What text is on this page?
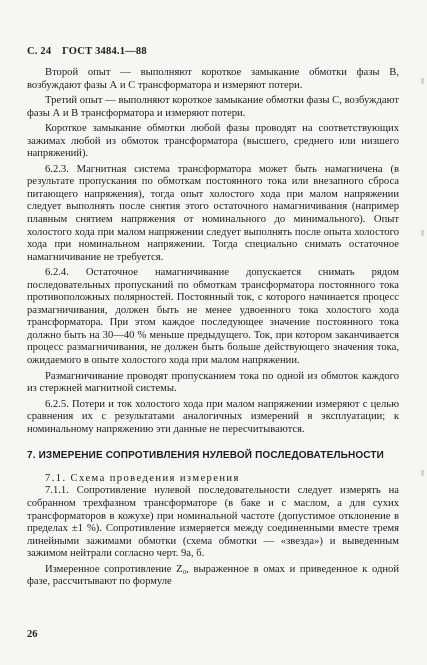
С. 24 ГОСТ 3484.1—88

Второй опыт — выполняют короткое замыкание обмотки фазы В, возбуждают фазы А и С трансформатора и измеряют потери.

Третий опыт — выполняют короткое замыкание обмотки фазы С, возбуждают фазы А и В трансформатора и измеряют потери.

Короткое замыкание обмотки любой фазы проводят на соответствующих зажимах любой из обмоток трансформатора (высшего, среднего или низшего напряжений).

6.2.3. Магнитная система трансформатора может быть намагничена (в результате пропускания по обмоткам постоянного тока или внезапного сброса питающего напряжения), тогда опыт холостого хода при малом напряжении следует выполнять после снятия этого остаточного намагничивания (например плавным снятием напряжения от номинального до минимального). Опыт холостого хода при малом напряжении следует выполнять после опыта холостого хода при номинальном напряжении. Тогда специально снимать остаточное намагничивание не требуется.

6.2.4. Остаточное намагничивание допускается снимать рядом последовательных пропусканий по обмоткам трансформатора постоянного тока противоположных полярностей. Постоянный ток, с которого начинается процесс размагничивания, должен быть не менее удвоенного тока холостого хода трансформатора. При этом каждое последующее значение постоянного тока должно быть на 30—40 % меньше предыдущего. Ток, при котором заканчивается процесс размагничивания, не должен быть больше действующего значения тока, ожидаемого в опыте холостого хода при малом напряжении.

Размагничивание проводят пропусканием тока по одной из обмоток каждого из стержней магнитной системы.

6.2.5. Потери и ток холостого хода при малом напряжении измеряют с целью сравнения их с результатами аналогичных измерений в эксплуатации; к номинальному напряжению эти данные не пересчитываются.

7. ИЗМЕРЕНИЕ СОПРОТИВЛЕНИЯ НУЛЕВОЙ ПОСЛЕДОВАТЕЛЬНОСТИ

7.1. Схема проведения измерения

7.1.1. Сопротивление нулевой последовательности следует измерять на собранном трехфазном трансформаторе (в баке и с маслом, а для сухих трансформаторов в кожухе) при номинальной частоте (допустимое отклонение в пределах ±1 %). Сопротивление измеряется между соединенными вместе тремя линейными зажимами обмотки (схема обмотки — «звезда») и выведенным зажимом нейтрали согласно черт. 9а, б.

Измеренное сопротивление Z₀, выраженное в омах и приведенное к одной фазе, рассчитывают по формуле

26
